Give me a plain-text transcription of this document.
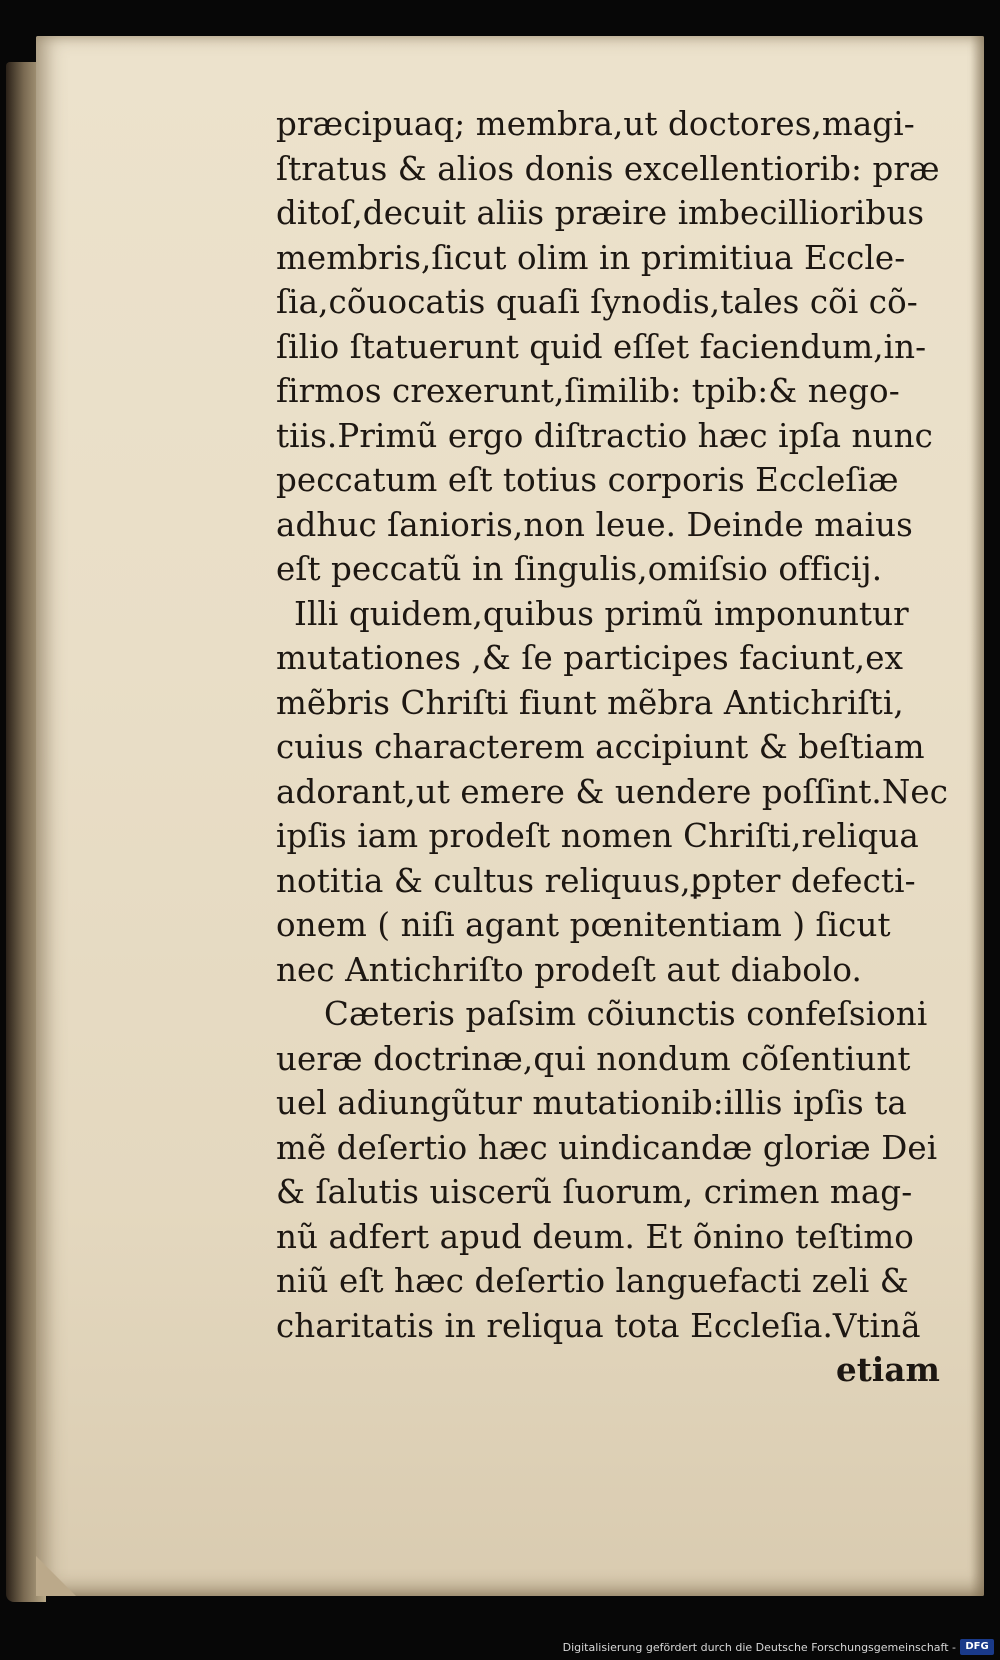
præcipuaq; membra,ut doctores,magi-
ſtratus & alios donis excellentiorib: præ
ditoſ,decuit aliis præire imbecillioribus
membris,ſicut olim in primitiua Eccle-
ſia,cõuocatis quaſi ſynodis,tales cõi cõ-
ſilio ſtatuerunt quid eſſet faciendum,in-
firmos crexerunt,ſimilib: tpib:& nego-
tiis.Primũ ergo diſtractio hæc ipſa nunc
peccatum eſt totius corporis Eccleſiæ
adhuc ſanioris,non leue. Deinde maius
eſt peccatũ in ſingulis,omiſsio officij.
Illi quidem,quibus primũ imponuntur
mutationes ,& ſe participes faciunt,ex
mẽbris Chriſti fiunt mẽbra Antichriſti,
cuius characterem accipiunt & beſtiam
adorant,ut emere & uendere poſſint.Nec
ipſis iam prodeſt nomen Chriſti,reliqua
notitia & cultus reliquus,ꝑpter defecti-
onem ( niſi agant pœnitentiam ) ſicut
nec Antichriſto prodeſt aut diabolo.
Cæteris paſsim cõiunctis confeſsioni
ueræ doctrinæ,qui nondum cõſentiunt
uel adiungũtur mutationib:illis ipſis ta
mẽ deſertio hæc uindicandæ gloriæ Dei
& ſalutis uiscerũ ſuorum, crimen mag-
nũ adfert apud deum. Et õnino teſtimo
niũ eſt hæc deſertio languefacti zeli &
charitatis in reliqua tota Eccleſia.Vtinã
etiam
Digitalisierung gefördert durch die Deutsche Forschungsgemeinschaft - DFG
